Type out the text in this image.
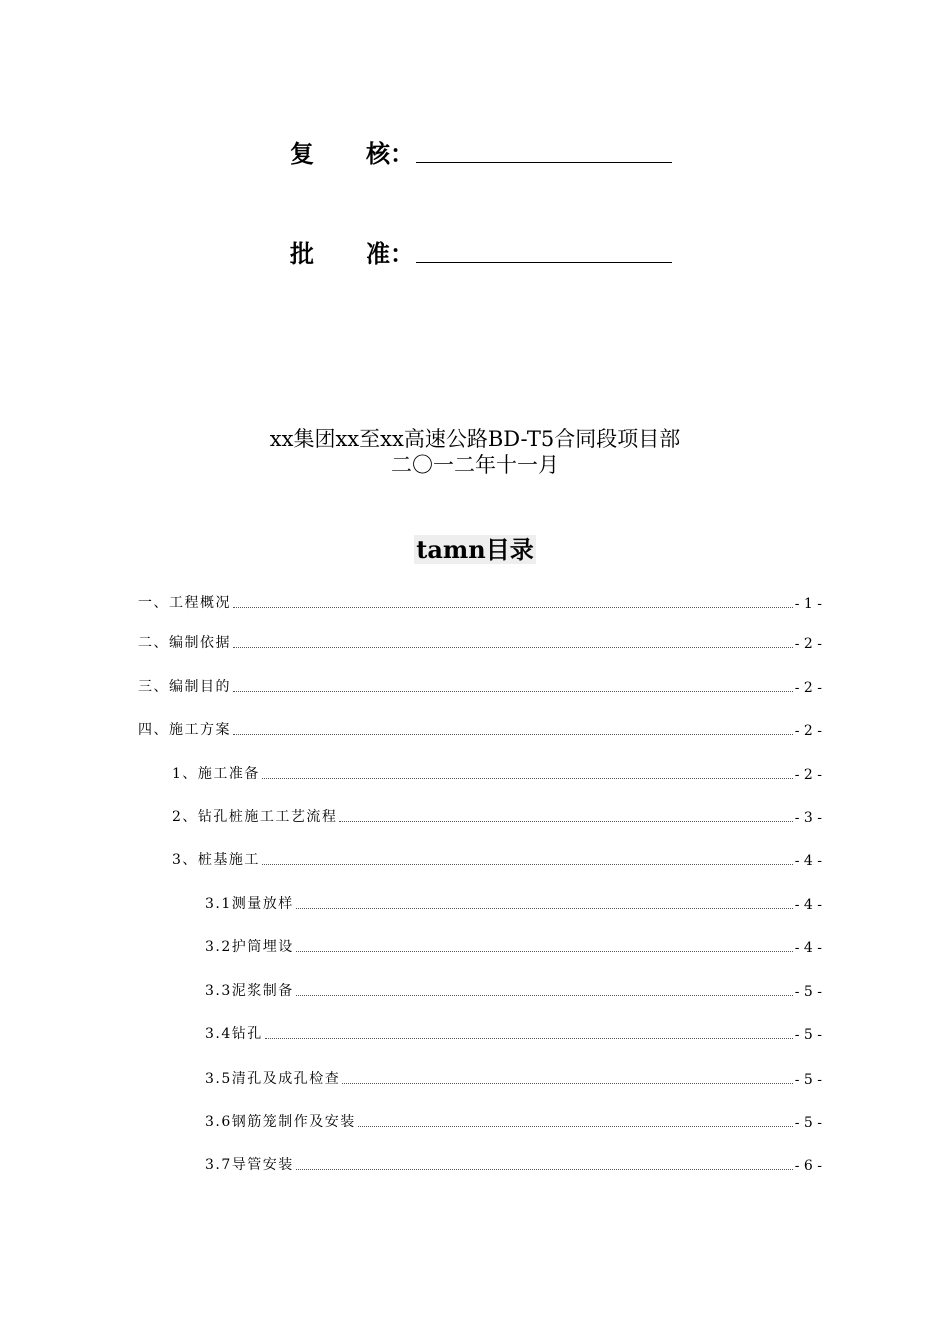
复 核：
批 准：
xx集团xx至xx高速公路BD-T5合同段项目部
二〇一二年十一月
tamn目录
一、工程概况	- 1 -
二、编制依据	- 2 -
三、编制目的	- 2 -
四、施工方案	- 2 -
1、施工准备	- 2 -
2、钻孔桩施工工艺流程	- 3 -
3、桩基施工	- 4 -
3.1测量放样	- 4 -
3.2护筒埋设	- 4 -
3.3泥浆制备	- 5 -
3.4钻孔	- 5 -
3.5清孔及成孔检查	- 5 -
3.6钢筋笼制作及安装	- 5 -
3.7导管安装	- 6 -
